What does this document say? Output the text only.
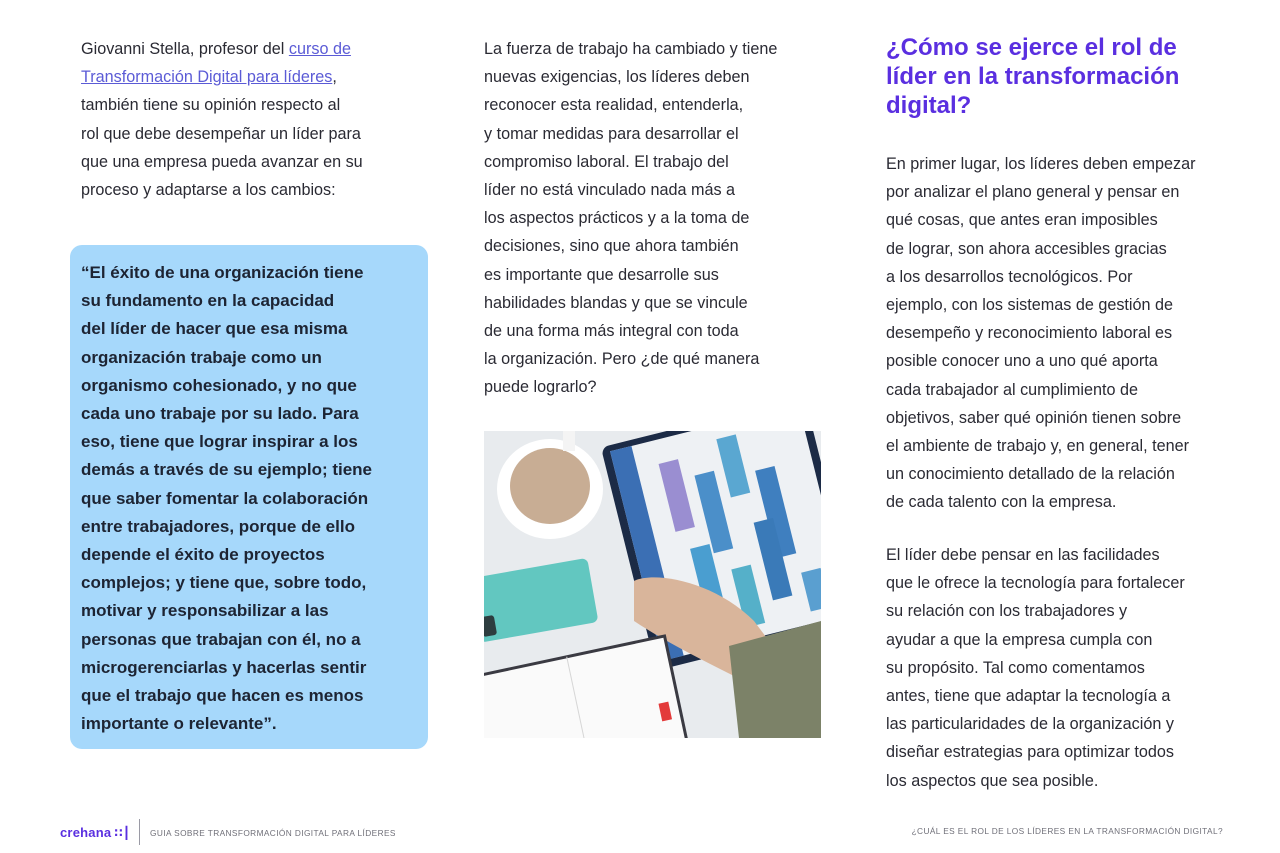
Giovanni Stella, profesor del curso de
Transformación Digital para líderes,
también tiene su opinión respecto al
rol que debe desempeñar un líder para
que una empresa pueda avanzar en su
proceso y adaptarse a los cambios:

“El éxito de una organización tiene
su fundamento en la capacidad
del líder de hacer que esa misma
organización trabaje como un
organismo cohesionado, y no que
cada uno trabaje por su lado. Para
eso, tiene que lograr inspirar a los
demás a través de su ejemplo; tiene
que saber fomentar la colaboración
entre trabajadores, porque de ello
depende el éxito de proyectos
complejos; y tiene que, sobre todo,
motivar y responsabilizar a las
personas que trabajan con él, no a
microgerenciarlas y hacerlas sentir
que el trabajo que hacen es menos
importante o relevante”.

La fuerza de trabajo ha cambiado y tiene
nuevas exigencias, los líderes deben
reconocer esta realidad, entenderla,
y tomar medidas para desarrollar el
compromiso laboral. El trabajo del
líder no está vinculado nada más a
los aspectos prácticos y a la toma de
decisiones, sino que ahora también
es importante que desarrolle sus
habilidades blandas y que se vincule
de una forma más integral con toda
la organización. Pero ¿de qué manera
puede lograrlo?

¿Cómo se ejerce el rol de
líder en la transformación
digital?

En primer lugar, los líderes deben empezar
por analizar el plano general y pensar en
qué cosas, que antes eran imposibles
de lograr, son ahora accesibles gracias
a los desarrollos tecnológicos. Por
ejemplo, con los sistemas de gestión de
desempeño y reconocimiento laboral es
posible conocer uno a uno qué aporta
cada trabajador al cumplimiento de
objetivos, saber qué opinión tienen sobre
el ambiente de trabajo y, en general, tener
un conocimiento detallado de la relación
de cada talento con la empresa.

El líder debe pensar en las facilidades
que le ofrece la tecnología para fortalecer
su relación con los trabajadores y
ayudar a que la empresa cumpla con
su propósito. Tal como comentamos
antes, tiene que adaptar la tecnología a
las particularidades de la organización y
diseñar estrategias para optimizar todos
los aspectos que sea posible.

crehana ∷┃ GUIA SOBRE TRANSFORMACIÓN DIGITAL PARA LÍDERES	¿CUÁL ES EL ROL DE LOS LÍDERES EN LA TRANSFORMACIÓN DIGITAL?
